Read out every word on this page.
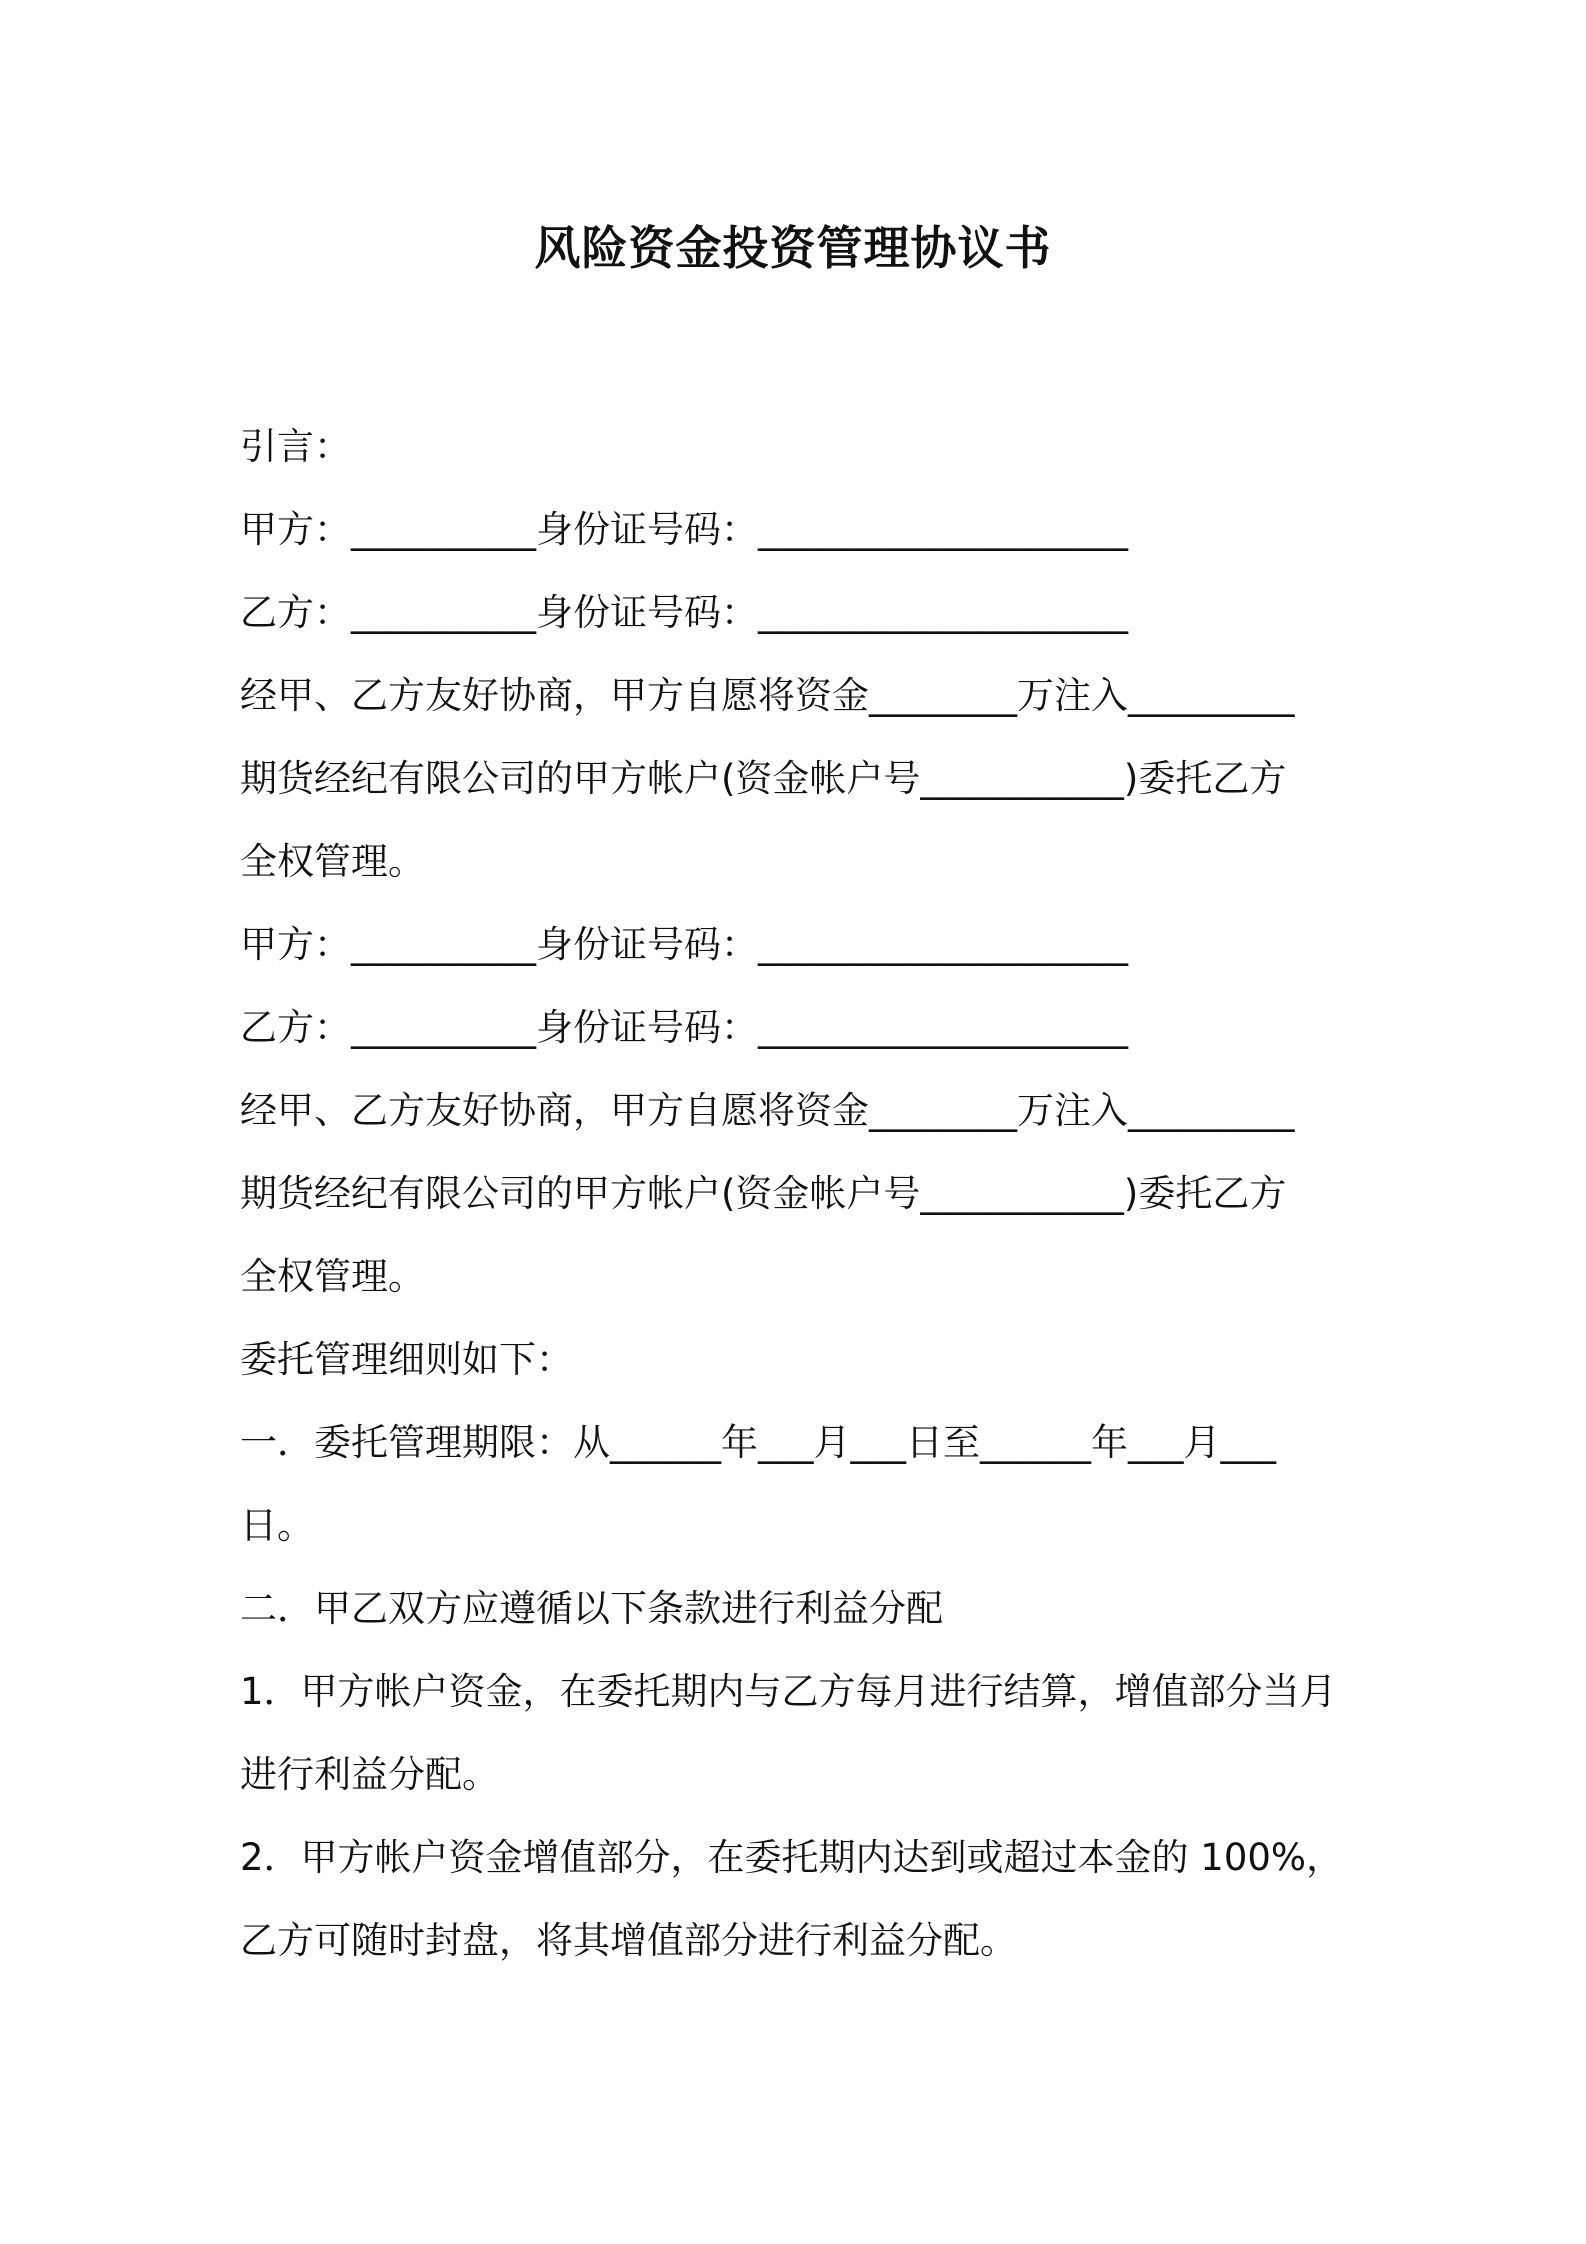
风险资金投资管理协议书
引言：
甲方：__________身份证号码：____________________
乙方：__________身份证号码：____________________
经甲、乙方友好协商，甲方自愿将资金________万注入_________
期货经纪有限公司的甲方帐户(资金帐户号___________)委托乙方
全权管理。
甲方：__________身份证号码：____________________
乙方：__________身份证号码：____________________
经甲、乙方友好协商，甲方自愿将资金________万注入_________
期货经纪有限公司的甲方帐户(资金帐户号___________)委托乙方
全权管理。
委托管理细则如下：
一．委托管理期限：从______年___月___日至______年___月___
日。
二．甲乙双方应遵循以下条款进行利益分配
1．甲方帐户资金，在委托期内与乙方每月进行结算，增值部分当月
进行利益分配。
2．甲方帐户资金增值部分，在委托期内达到或超过本金的 100%，
乙方可随时封盘，将其增值部分进行利益分配。
